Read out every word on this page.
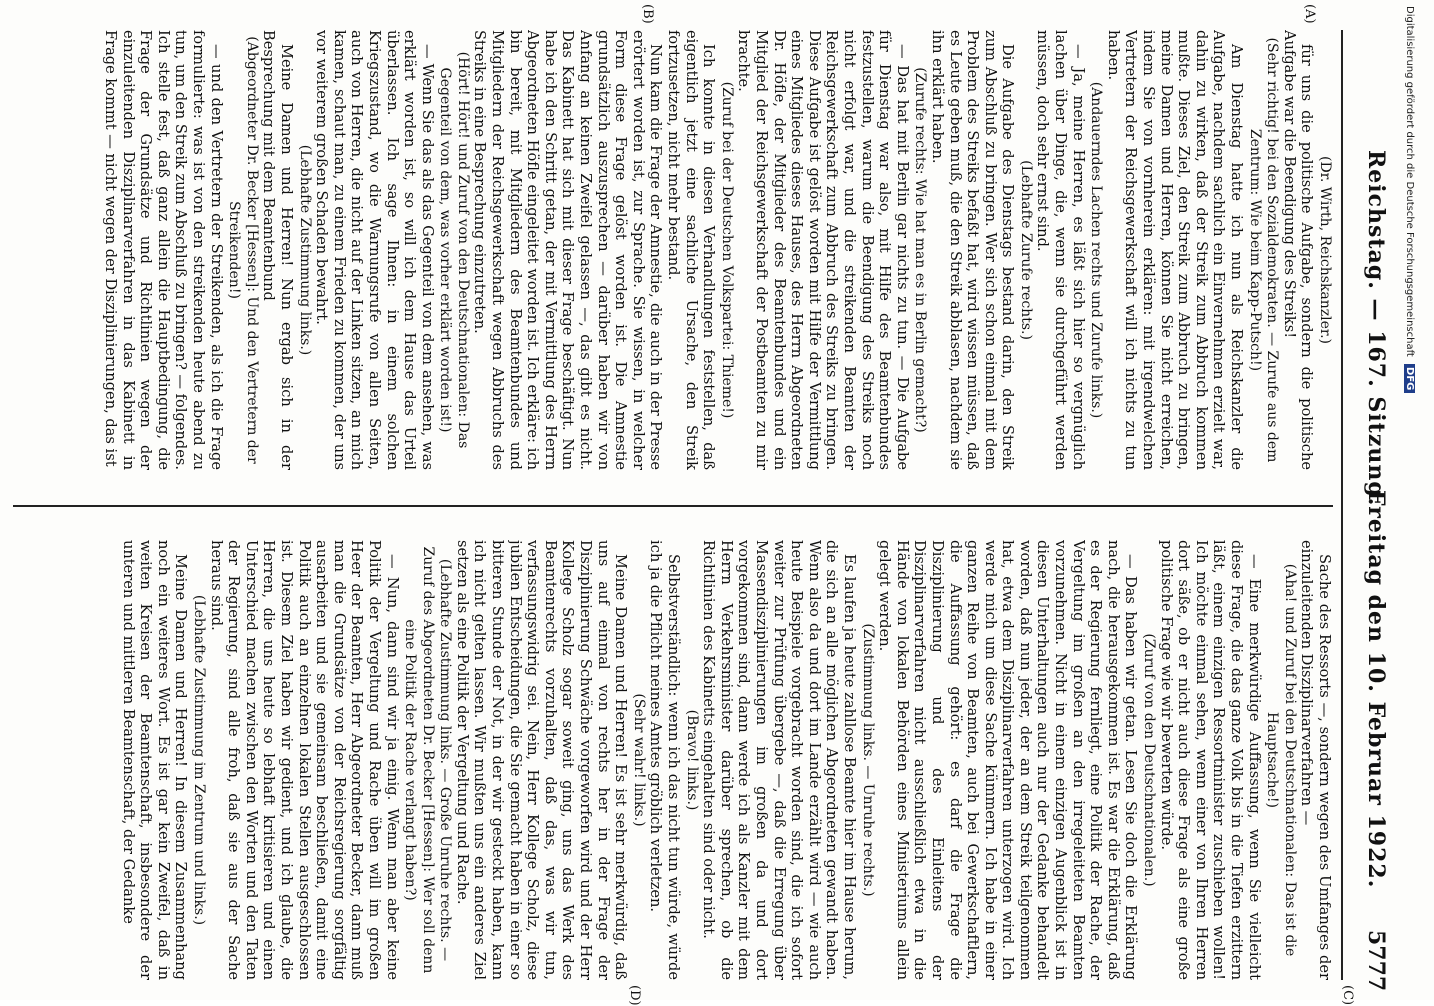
Reichstag. — 167. Sitzung.
Freitag den 10. Februar 1922.
5777
(A)
(B)
(C)
(D)

(Dr. Wirth, Reichskanzler.)

für uns die politische Aufgabe, sondern die politische Aufgabe war die Beendigung des Streiks!

(Sehr richtig! bei den Sozialdemokraten. — Zurufe aus dem Zentrum: Wie beim Kapp-Putsch!)

Am Dienstag hatte ich nun als Reichskanzler die Aufgabe, nachdem sachlich ein Einvernehmen erzielt war, dahin zu wirken, daß der Streik zum Abbruch kommen mußte. Dieses Ziel, den Streik zum Abbruch zu bringen, meine Damen und Herren, können Sie nicht erreichen, indem Sie von vornherein erklären: mit irgendwelchen Vertretern der Reichsgewerkschaft will ich nichts zu tun haben.

(Andauerndes Lachen rechts und Zurufe links.)

— Ja, meine Herren, es läßt sich hier so vergnüglich lachen über Dinge, die, wenn sie durchgeführt werden müssen, doch sehr ernst sind.

(Lebhafte Zurufe rechts.)

Die Aufgabe des Dienstags bestand darin, den Streik zum Abschluß zu bringen. Wer sich schon einmal mit dem Problem des Streiks befaßt hat, wird wissen müssen, daß es Leute geben muß, die den Streik abblasen, nachdem sie ihn erklärt haben.

(Zurufe rechts: Wie hat man es in Berlin gemacht?)

— Das hat mit Berlin gar nichts zu tun. — Die Aufgabe für Dienstag war also, mit Hilfe des Beamtenbundes festzustellen, warum die Beendigung des Streiks noch nicht erfolgt war, und die streikenden Beamten der Reichsgewerkschaft zum Abbruch des Streiks zu bringen. Diese Aufgabe ist gelöst worden mit Hilfe der Vermittlung eines Mitgliedes dieses Hauses, des Herrn Abgeordneten Dr. Höfle, der Mitglieder des Beamtenbundes und ein Mitglied der Reichsgewerkschaft der Postbeamten zu mir brachte.

(Zuruf bei der Deutschen Volkspartei: Thieme!)

Ich konnte in diesen Verhandlungen feststellen, daß eigentlich jetzt eine sachliche Ursache, den Streik fortzusetzen, nicht mehr bestand.

Nun kam die Frage der Amnestie, die auch in der Presse erörtert worden ist, zur Sprache. Sie wissen, in welcher Form diese Frage gelöst worden ist. Die Amnestie grundsätzlich auszusprechen — darüber haben wir von Anfang an keinen Zweifel gelassen —, das gibt es nicht. Das Kabinett hat sich mit dieser Frage beschäftigt. Nun habe ich den Schritt getan, der mit Vermittlung des Herrn Abgeordneten Höfle eingeleitet worden ist. Ich erkläre: ich bin bereit, mit Mitgliedern des Beamtenbundes und Mitgliedern der Reichsgewerkschaft wegen Abbruchs des Streiks in eine Besprechung einzutreten.

(Hört! Hört! und Zuruf von den Deutschnationalen: Das Gegenteil von dem, was vorher erklärt worden ist!)

— Wenn Sie das als das Gegenteil von dem ansehen, was erklärt worden ist, so will ich dem Hause das Urteil überlassen. Ich sage Ihnen: in einem solchen Kriegszustand, wo die Warnungsrufe von allen Seiten, auch von Herren, die nicht auf der Linken sitzen, an mich kamen, schaut man, zu einem Frieden zu kommen, der uns vor weiterem großen Schaden bewahrt.

(Lebhafte Zustimmung links.)

Meine Damen und Herren! Nun ergab sich in der Besprechung mit dem Beamtenbund

(Abgeordneter Dr. Becker [Hessen]: Und den Vertretern der Streikenden!)

— und den Vertretern der Streikenden, als ich die Frage formulierte: was ist von den streikenden heute abend zu tun, um den Streik zum Abschluß zu bringen? — folgendes. Ich stelle fest, daß ganz allein die Hauptbedingung, die Frage der Grundsätze und Richtlinien wegen der einzuleitenden Disziplinarverfahren in das Kabinett in Frage kommt — nicht wegen der Disziplinierungen, das ist

Sache des Ressorts —, sondern wegen des Umfanges der einzuleitenden Disziplinarverfahren —

(Aha! und Zuruf bei den Deutschnationalen: Das ist die Hauptsache!)

— Eine merkwürdige Auffassung, wenn Sie vielleicht diese Frage, die das ganze Volk bis in die Tiefen erzittern läßt, einem einzigen Ressortminister zuschieben wollen! Ich möchte einmal sehen, wenn einer von Ihren Herren dort säße, ob er nicht auch diese Frage als eine große politische Frage wie wir bewerten würde.

(Zuruf von den Deutschnationalen.)

— Das haben wir getan. Lesen Sie doch die Erklärung nach, die herausgekommen ist. Es war die Erklärung, daß es der Regierung fernliegt, eine Politik der Rache, der Vergeltung im großen an den irregeleiteten Beamten vorzunehmen. Nicht in einem einzigen Augenblick ist in diesen Unterhaltungen auch nur der Gedanke behandelt worden, daß nun jeder, der an dem Streik teilgenommen hat, etwa dem Disziplinarverfahren unterzogen wird. Ich werde mich um diese Sache kümmern. Ich habe in einer ganzen Reihe von Beamten, auch bei Gewerkschaftlern, die Auffassung gehört: es darf die Frage die Disziplinierung und des Einleitens der Disziplinarverfahren nicht ausschließlich etwa in die Hände von lokalen Behörden eines Ministeriums allein gelegt werden.

(Zustimmung links. — Unruhe rechts.)

Es laufen ja heute zahllose Beamte hier im Hause herum, die sich an alle möglichen Abgeordneten gewandt haben. Wenn also da und dort im Lande erzählt wird — wie auch heute Beispiele vorgebracht worden sind, die ich sofort weiter zur Prüfung übergebe —, daß die Erregung über Massendisziplinierungen im großen da und dort vorgekommen sind, dann werde ich als Kanzler mit dem Herrn Verkehrsminister darüber sprechen, ob die Richtlinien des Kabinetts eingehalten sind oder nicht.

(Bravo! links.)

Selbstverständlich: wenn ich das nicht tun würde, würde ich ja die Pflicht meines Amtes gröblich verletzen.

(Sehr wahr! links.)

Meine Damen und Herren! Es ist sehr merkwürdig, daß uns auf einmal von rechts her in der Frage der Disziplinierung Schwäche vorgeworfen wird und der Herr Kollege Scholz sogar soweit ging, uns das Werk des Beamtenrechts vorzuhalten, daß das, was wir tun, verfassungswidrig sei. Nein, Herr Kollege Scholz, diese jubilen Entscheidungen, die Sie gemacht haben in einer so bitteren Stunde der Not, in der wir gesteckt haben, kann ich nicht gelten lassen. Wir mußten uns ein anderes Ziel setzen als eine Politik der Vergeltung und Rache.

(Lebhafte Zustimmung links. — Große Unruhe rechts. — Zuruf des Abgeordneten Dr. Becker [Hessen]: Wer soll denn eine Politik der Rache verlangt haben?)

— Nun, dann sind wir ja einig. Wenn man aber keine Politik der Vergeltung und Rache üben will im großen Heer der Beamten, Herr Abgeordneter Becker, dann muß man die Grundsätze von der Reichsregierung sorgfältig ausarbeiten und sie gemeinsam beschließen, damit eine Politik auch an einzelnen lokalen Stellen ausgeschlossen ist. Diesem Ziel haben wir gedient, und ich glaube, die Herren, die uns heute so lebhaft kritisieren und einen Unterschied machen zwischen den Worten und den Taten der Regierung, sind alle froh, daß sie aus der Sache heraus sind.

(Lebhafte Zustimmung im Zentrum und links.)

Meine Damen und Herren! In diesem Zusammenhang noch ein weiteres Wort. Es ist gar kein Zweifel, daß in weiten Kreisen der Beamtenschaft, insbesondere der unteren und mittleren Beamtenschaft, der Gedanke

Digitalisierung gefördert durch die Deutsche Forschungsgemeinschaft DFG
